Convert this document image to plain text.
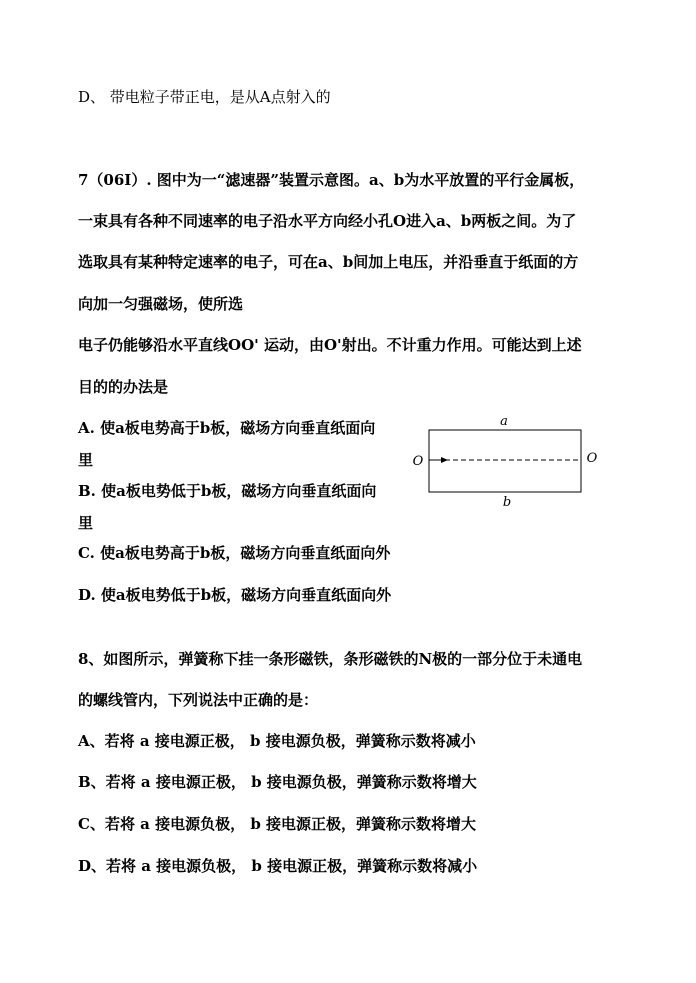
D、 带电粒子带正电，是从A点射入的
7（06Ⅰ）. 图中为一“滤速器”装置示意图。a、b为水平放置的平行金属板，
一束具有各种不同速率的电子沿水平方向经小孔O进入a、b两板之间。为了
选取具有某种特定速率的电子，可在a、b间加上电压，并沿垂直于纸面的方
向加一匀强磁场，使所选
电子仍能够沿水平直线OO' 运动，由O'射出。不计重力作用。可能达到上述
目的的办法是
A. 使a板电势高于b板，磁场方向垂直纸面向
里
B. 使a板电势低于b板，磁场方向垂直纸面向
里
C. 使a板电势高于b板，磁场方向垂直纸面向外
D. 使a板电势低于b板，磁场方向垂直纸面向外
a
b
O	O
8、如图所示，弹簧称下挂一条形磁铁，条形磁铁的N极的一部分位于未通电
的螺线管内，下列说法中正确的是：
A、若将 a 接电源正极， b 接电源负极，弹簧称示数将减小
B、若将 a 接电源正极， b 接电源负极，弹簧称示数将增大
C、若将 a 接电源负极， b 接电源正极，弹簧称示数将增大
D、若将 a 接电源负极， b 接电源正极，弹簧称示数将减小
